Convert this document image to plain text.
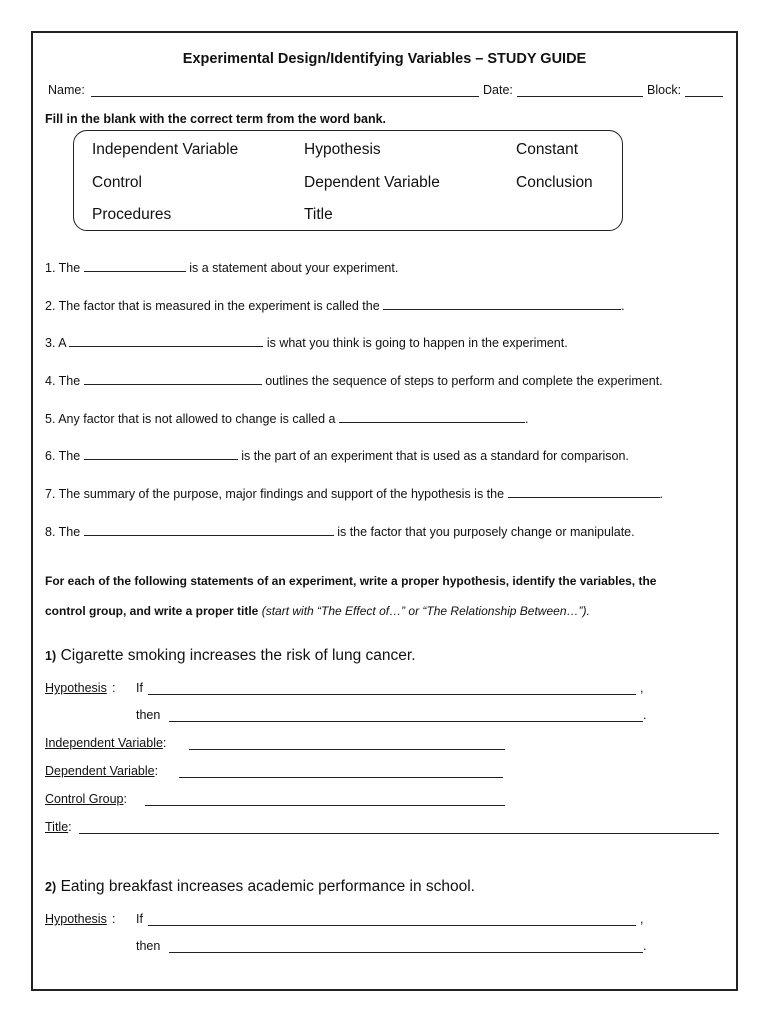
Experimental Design/Identifying Variables – STUDY GUIDE
Name:	Date:	Block:
Fill in the blank with the correct term from the word bank.
Independent Variable	Hypothesis	Constant
Control	Dependent Variable	Conclusion
Procedures	Title
1. The	is a statement about your experiment.
2. The factor that is measured in the experiment is called the	.
3. A	is what you think is going to happen in the experiment.
4. The	outlines the sequence of steps to perform and complete the experiment.
5. Any factor that is not allowed to change is called a	.
6. The	is the part of an experiment that is used as a standard for comparison.
7. The summary of the purpose, major findings and support of the hypothesis is the	.
8. The	is the factor that you purposely change or manipulate.
For each of the following statements of an experiment, write a proper hypothesis, identify the variables, the
control group, and write a proper title (start with “The Effect of…” or “The Relationship Between…”).
1) Cigarette smoking increases the risk of lung cancer.
Hypothesis : If	,
then	.
Independent Variable:
Dependent Variable:
Control Group:
Title:
2) Eating breakfast increases academic performance in school.
Hypothesis : If	,
then	.
